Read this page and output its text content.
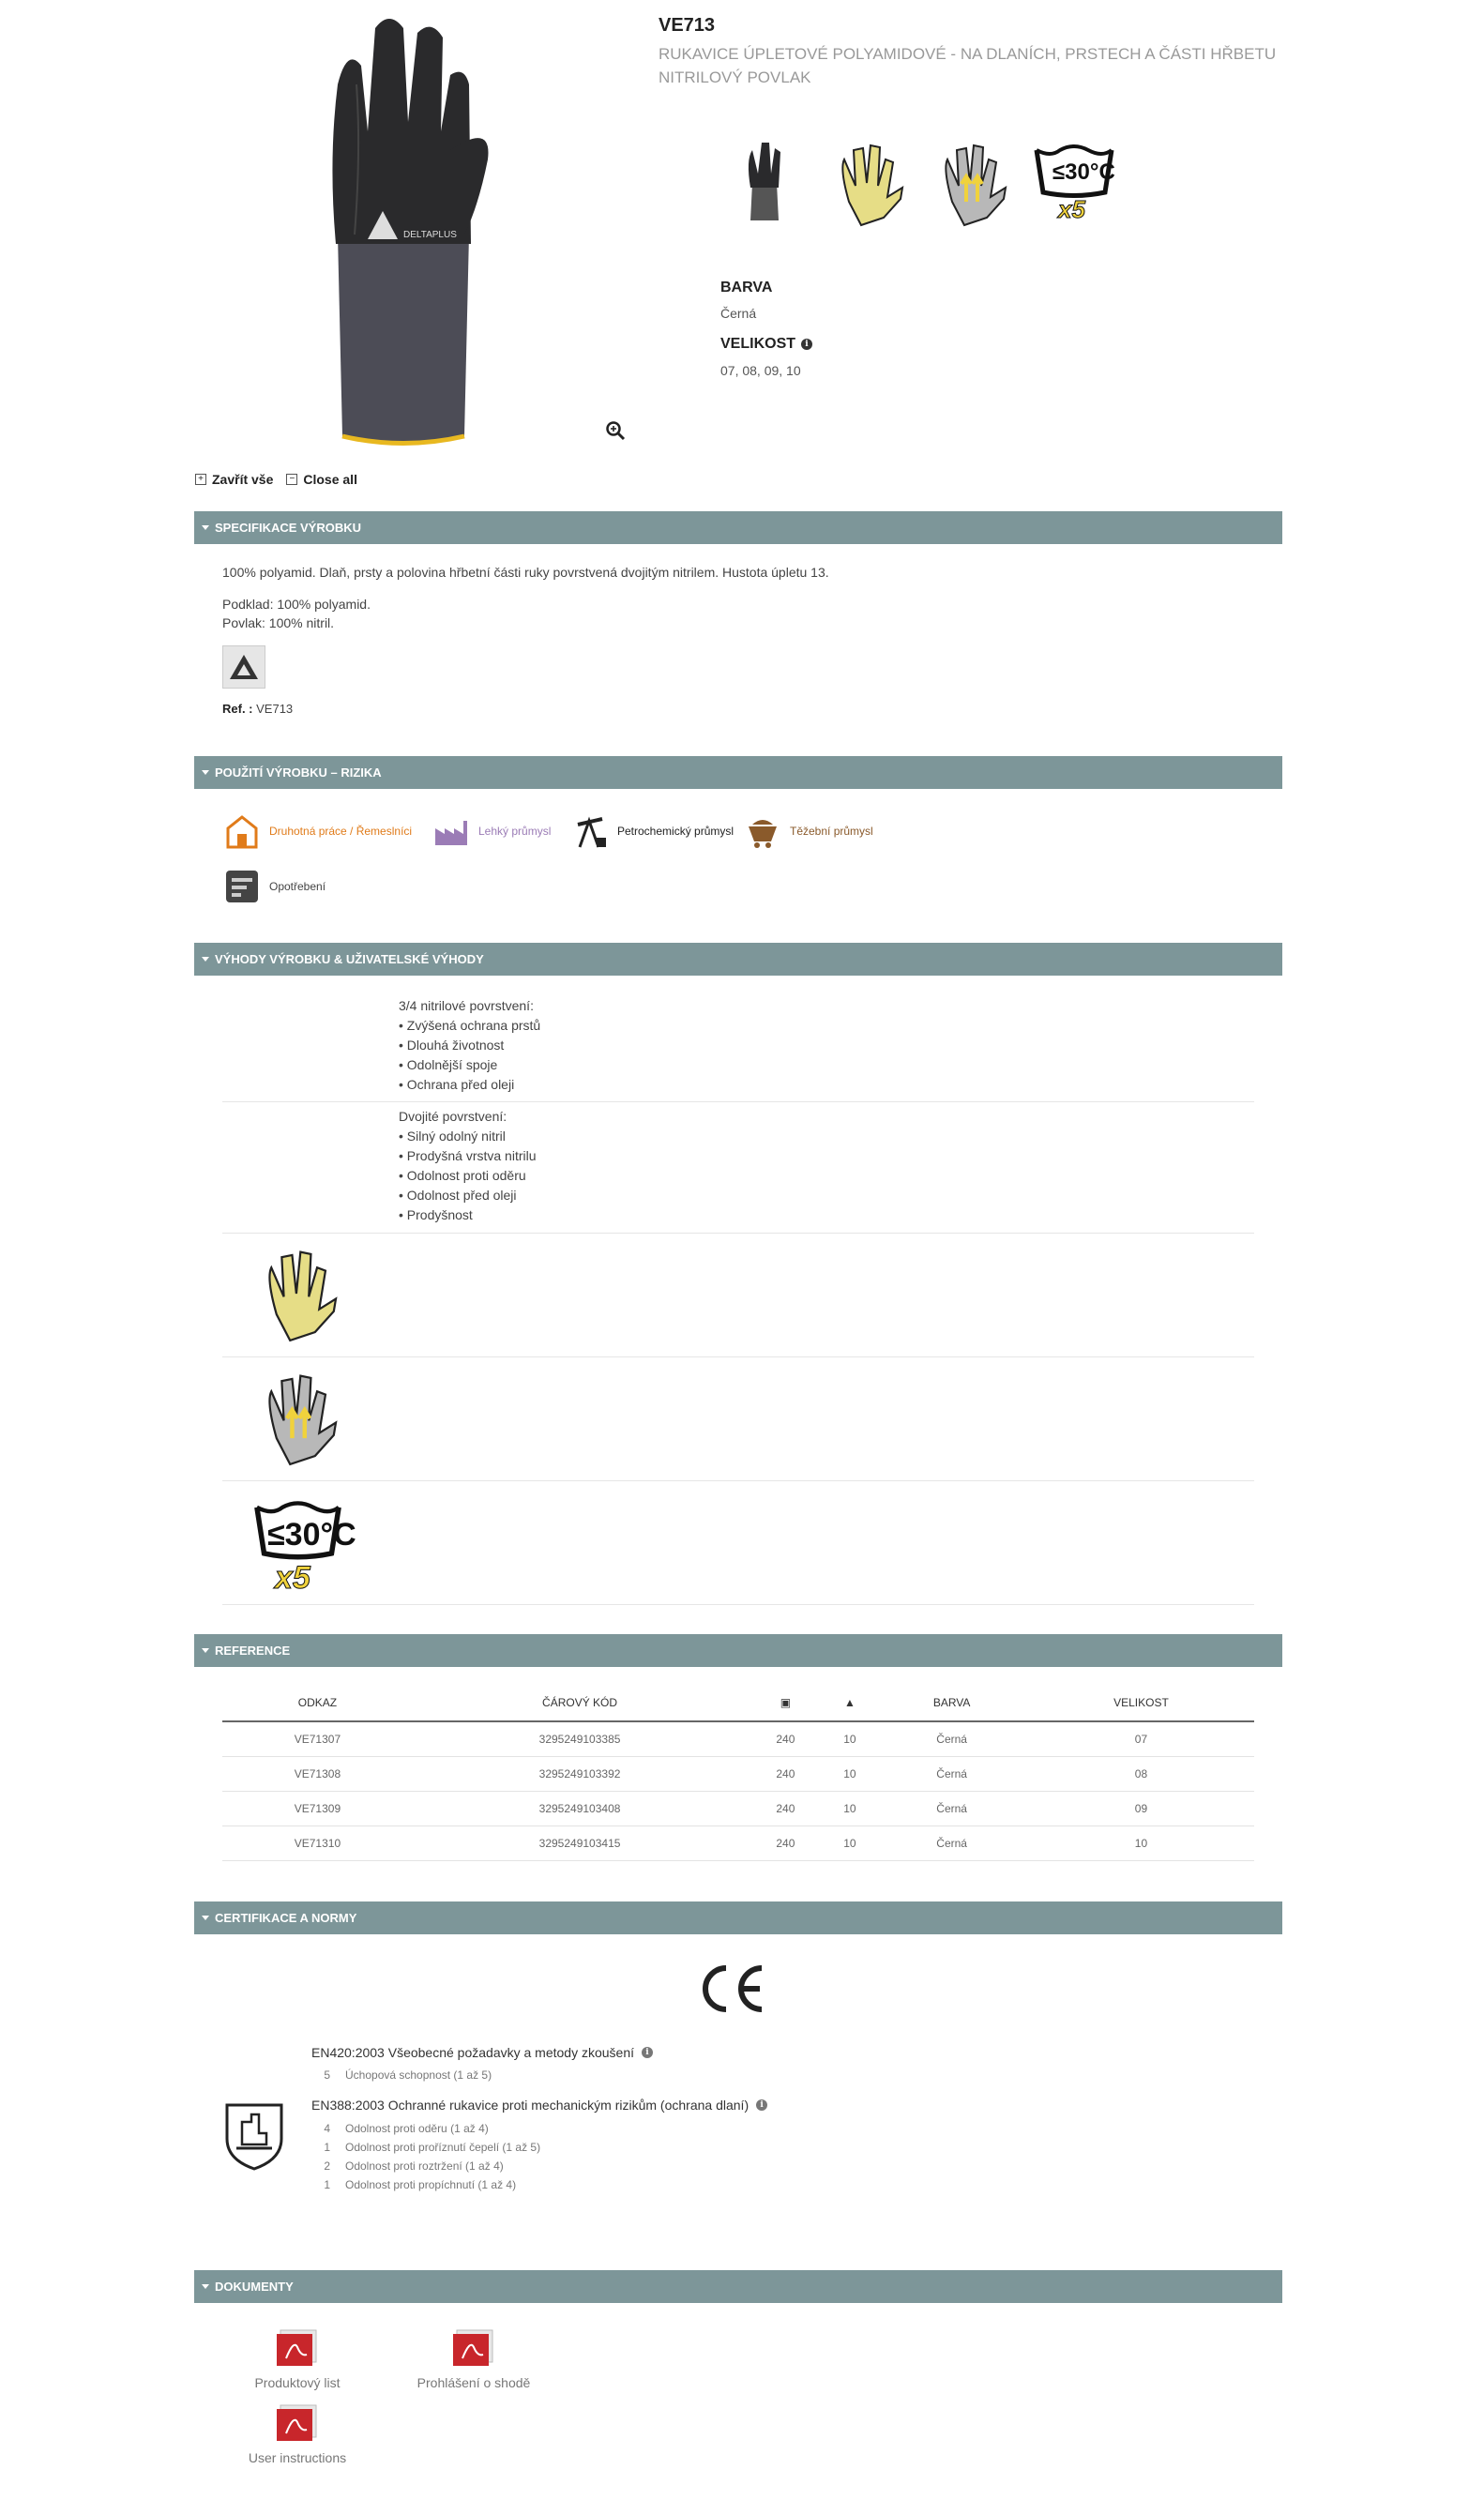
DELTAPLUS
VE713
RUKAVICE ÚPLETOVÉ POLYAMIDOVÉ - NA DLANÍCH, PRSTECH A ČÁSTI HŘBETU NITRILOVÝ POVLAK
≤30°C
x5
BARVA
Černá
VELIKOST	i
07, 08, 09, 10
+ Zavřít vše	− Close all
SPECIFIKACE VÝROBKU
100% polyamid. Dlaň, prsty a polovina hřbetní části ruky povrstvená dvojitým nitrilem. Hustota úpletu 13.
Podklad: 100% polyamid.
Povlak: 100% nitril.
Ref. : VE713
POUŽITÍ VÝROBKU – RIZIKA
Druhotná práce / Řemeslníci	Lehký průmysl	Petrochemický průmysl	Těžební průmysl
Opotřebení
VÝHODY VÝROBKU & UŽIVATELSKÉ VÝHODY
3/4 nitrilové povrstvení:
• Zvýšená ochrana prstů
• Dlouhá životnost
• Odolnější spoje
• Ochrana před oleji
Dvojité povrstvení:
• Silný odolný nitril
• Prodyšná vrstva nitrilu
• Odolnost proti oděru
• Odolnost před oleji
• Prodyšnost
≤30°C
x5
REFERENCE
ODKAZ	ČÁROVÝ KÓD	▣	▲	BARVA	VELIKOST
VE71307	3295249103385	240	10	Černá	07
VE71308	3295249103392	240	10	Černá	08
VE71309	3295249103408	240	10	Černá	09
VE71310	3295249103415	240	10	Černá	10
CERTIFIKACE A NORMY
EN420:2003 Všeobecné požadavky a metody zkoušení	i
5 Úchopová schopnost (1 až 5)
EN388:2003 Ochranné rukavice proti mechanickým rizikům (ochrana dlaní)	i
4 Odolnost proti oděru (1 až 4)
1 Odolnost proti proříznutí čepelí (1 až 5)
2 Odolnost proti roztržení (1 až 4)
1 Odolnost proti propíchnutí (1 až 4)
DOKUMENTY
Produktový list	Prohlášení o shodě
User instructions
